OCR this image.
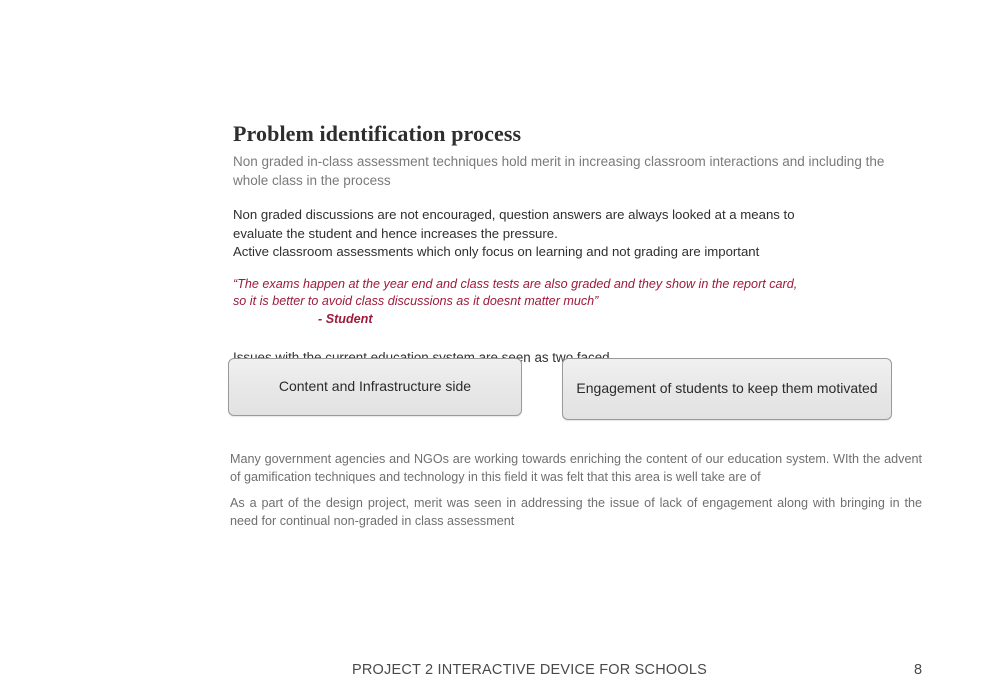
Problem identification process

Non graded in-class assessment techniques hold merit in increasing classroom interactions and including the whole class in the process

Non graded discussions are not encouraged, question answers are always looked at a means to
evaluate the student and hence increases the pressure.
Active classroom assessments which only focus on learning and not grading are important
“The exams happen at the year end and class tests are also graded and they show in the report card,
so it is better to avoid class discussions as it doesnt matter much”
- Student

as two

Content and Infrastructure side	Engagement of students to keep them motivated

Many government agencies and NGOs are working towards enriching the content of our education system. WIth the advent of gamification techniques and technology in this field it was felt that this area is well take are of

As a part of the design project, merit was seen in addressing the issue of lack of engagement along with bringing in the need for continual non-graded in class assessment

PROJECT 2 INTERACTIVE DEVICE FOR SCHOOLS	8
